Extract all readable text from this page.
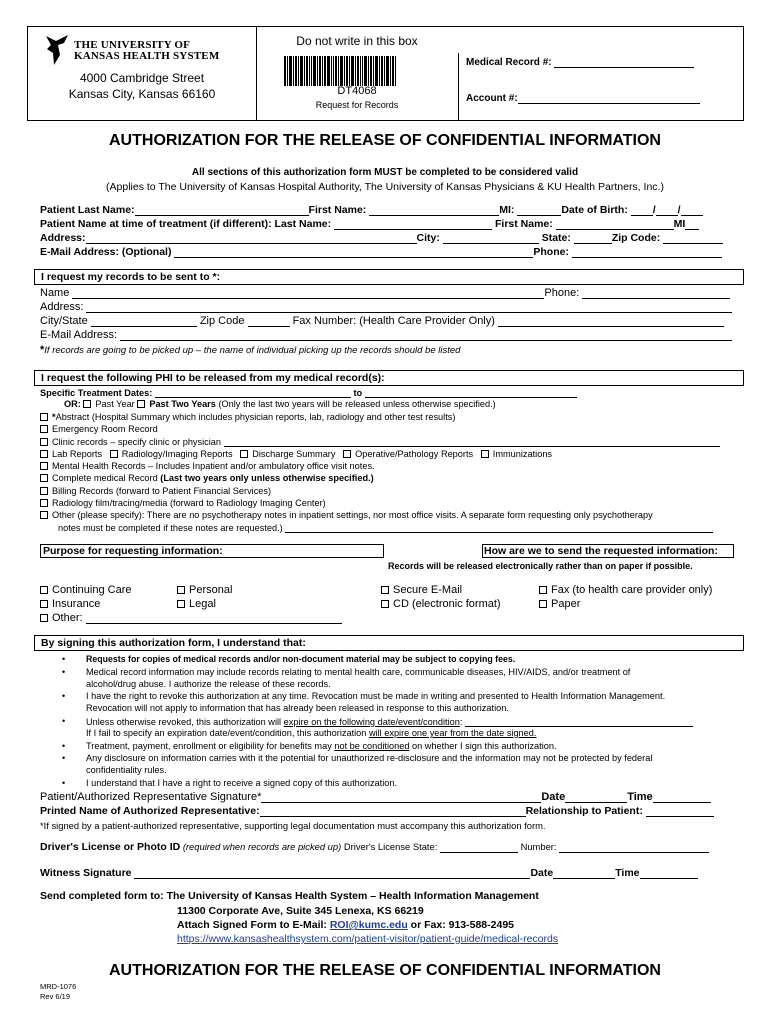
THE UNIVERSITY OF
KANSAS HEALTH SYSTEM
4000 Cambridge Street
Kansas City, Kansas 66160
Do not write in this box
DT4068
Request for Records
Medical Record #:
Account #:
AUTHORIZATION FOR THE RELEASE OF CONFIDENTIAL INFORMATION
All sections of this authorization form MUST be completed to be considered valid
(Applies to The University of Kansas Hospital Authority, The University of Kansas Physicians & KU Health Partners, Inc.)
Patient Last Name:	First Name:	MI:	Date of Birth: / /
Patient Name at time of treatment (if different): Last Name:	First Name:	MI
Address:	City:	State:	Zip Code:
E-Mail Address: (Optional)	Phone:
I request my records to be sent to *:
Name	Phone:
Address:
City/State	Zip Code	Fax Number: (Health Care Provider Only)
E-Mail Address:
*If records are going to be picked up – the name of individual picking up the records should be listed
I request the following PHI to be released from my medical record(s):
Specific Treatment Dates:	to
OR: Past Year Past Two Years (Only the last two years will be released unless otherwise specified.)
*Abstract (Hospital Summary which includes physician reports, lab, radiology and other test results)
Emergency Room Record
Clinic records – specify clinic or physician
Lab Reports Radiology/Imaging Reports Discharge Summary Operative/Pathology Reports Immunizations
Mental Health Records – Includes Inpatient and/or ambulatory office visit notes.
Complete medical Record (Last two years only unless otherwise specified.)
Billing Records (forward to Patient Financial Services)
Radiology film/tracing/media (forward to Radiology Imaging Center)
Other (please specify): There are no psychotherapy notes in inpatient settings, nor most office visits. A separate form requesting only psychotherapy
notes must be completed if these notes are requested.)
Purpose for requesting information:	How are we to send the requested information:
Records will be released electronically rather than on paper if possible.
Continuing Care	Personal
Insurance	Legal
Other:
Secure E-Mail	Fax (to health care provider only)
CD (electronic format)	Paper
By signing this authorization form, I understand that:
• Requests for copies of medical records and/or non-document material may be subject to copying fees.
• Medical record information may include records relating to mental health care, communicable diseases, HIV/AIDS, and/or treatment of
alcohol/drug abuse. I authorize the release of these records.
• I have the right to revoke this authorization at any time. Revocation must be made in writing and presented to Health Information Management.
Revocation will not apply to information that has already been released in response to this authorization.
• Unless otherwise revoked, this authorization will expire on the following date/event/condition:
If I fail to specify an expiration date/event/condition, this authorization will expire one year from the date signed.
• Treatment, payment, enrollment or eligibility for benefits may not be conditioned on whether I sign this authorization.
• Any disclosure on information carries with it the potential for unauthorized re-disclosure and the information may not be protected by federal
confidentiality rules.
• I understand that I have a right to receive a signed copy of this authorization.
Patient/Authorized Representative Signature*	Date	Time
Printed Name of Authorized Representative:	Relationship to Patient:
*If signed by a patient-authorized representative, supporting legal documentation must accompany this authorization form.
Driver's License or Photo ID (required when records are picked up) Driver's License State:	Number:
Witness Signature	Date	Time
Send completed form to: The University of Kansas Health System – Health Information Management
11300 Corporate Ave, Suite 345 Lenexa, KS 66219
Attach Signed Form to E-Mail: ROI@kumc.edu or Fax: 913-588-2495
https://www.kansashealthsystem.com/patient-visitor/patient-guide/medical-records
AUTHORIZATION FOR THE RELEASE OF CONFIDENTIAL INFORMATION
MRD-1076
Rev 6/19
